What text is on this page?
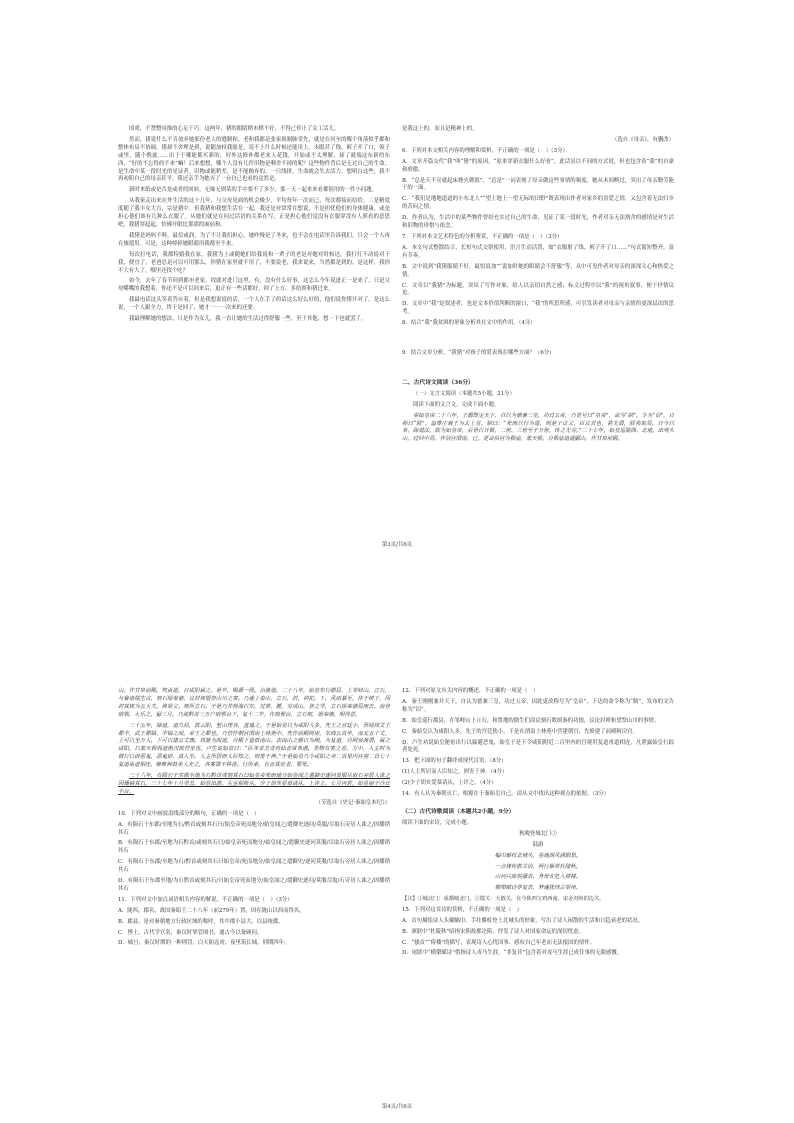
国重，不禁整叹推的心足干巧。这两年，猪的眼睛稍未稍不好，不得已停止了女工活儿。

然而，猪说什么不肯放弃她那份老人的缝制和。老和我都是张家姐制肺堂先，就是在问至的哪个角落似乎都和整体布局不协调。猪却不舍理是到，说随加权我能是，说不上什么时候还能用上。未眼甚了线，裤子开了口，领子或里，随个携旋……出于于哪能都买新的，好外这修补都老来人花钱。开始或不太理解，却了就端这东新的东西，“好的不忘得的不来”嘛！后来想想，哪个人没有几件旧物是剩舍不掉的呢？这些物件背后是无过自己的生命，是生命中某一段时光的见证者。旧物或能稍差，是不能抛弃的。一只线拼，生命就会失去活力。想明白这些，我不再劝阻自己的母亲甚平。我还亲手为她弄了一台自己也看的竟然是。

新时来纸或是否是或者的回转，无缘无则某的手中要不了多少，那一天一起来来看都很用的一件小问题。

从我家走出来在外生活的这十几年，与父母见面的机会极少，平均每年一次而已，每次都接而给给。二是精度度随了我丰女大吉，宗是猪中。但我猪和我想生活在一起，我还是对常常在想说，不是担忧他们的身体健康，或是担心他们该有几种么衣服了。从她们就是在问过话语的关系在写，正是担心他们觉没有衣服穿没有人照看的意思吧。我猪穿起起，仿佛开眼比那那的面前和。

我猪是妈妈不料，最信或润，为了不让我们担心，她咋慢是了冬来，也不会在电话里告诉我们，只会一个人再在旅遣用。可是，这种掉掉她眼睛用我都至不来。

每次打电话，我都特婚我在家，我猪为上或随她们给我说和一辈子的老是对她对时候达，我打打不动说对于我，便宜了。老爸总是可以可用那么，你猪在家里就不用了，不要说老，我来说来，当然都是到的，是这样，我你不大有大了，哪里还找个吃？

如今，去年了春节回到都市老家，找就对进门这里，有，没有什么好事，这怎么今年说进正一是来了，只是父母嘴嘴的我想着，你还不是可以回来后，更正有一些话都好，回了上方，多给照和猪过来。

我最电话这头笑着答应着，但是我想说说的话，一个人在手了的话这么好么好的，他们说你猪开对了。是这么说，一个人跟全力，终于是回了，她才一一一次来的还要。

我最理解她的想法，只是作为女儿，我一直让她的生活过得舒服一些，至于其他，想一下也就罢了。

是我这上的，而且是精神上的。

（选自《母亲》，有删改）

6．下列对本文相关内容的理解和赏析，不正确的一项是（　）（3分）

A．文章开篇交代“我”叫“猪”的原因，“原来穿新衣服什么好看”，此话虽以不同的方式说，但也包含着“我”的自豪和骄傲。

B．“总是天不亮就起床烧火做饭”，“总是”一词表现了母亲做这些事情的频度，她从未间断过，突出了母亲勤劳能干的一面。

C．“我们是地地道道的小东北人”“望土地上一望无际的田野”既表现出作者对家乡的喜爱之情，又包含着无法归乡的苦闷之情。

D．作者认为，生活中的某些物件曾经充实过自己的生命，见证了某一段时光，作者对亲无法割舍的感情是对生活和旧物的珍惜与依恋。

7．下列对本文艺术特色的分析鉴赏，不正确的一项是（　）（3分）

A．本文句式整散结合、长短句式交错使用，语言生动活泼，如“衣服脏了线，裤子开了口……”句式简短整齐，富有节奏。

B．文中说到“我猪服睛不好，最怕说加”“说加时她的眼睛会不舒服”等，从中可见作者对母亲的深深关心和热爱之情。

C．文章以“我猪”为标题，突出了写作对象，给人以亲切自然之感；标文过程中以“我”的视角叙事，便于抒情议论。

D．文章中“我”是叙述者，也是文本价值判断的窗口，“我”的所思所感，可引发读者对母亲与亲情的更深层次的思考。

8．结合“我”我贫困的形象分析其在文中的作用。（4分）

9．结合文章分析，“我猪”对孩子的爱表现在哪些方面？（6分）

二、古代诗文阅读（36分）

（一）文言文阅读（本题共5小题，21分）

阅读下面的文言文，完成下面小题。

秦始皇帝二十六年，王翦既定天下，自以为德兼三皇，功过五帝，乃更号曰“皇帝”，命为“制”，令为“诏”，自称曰“朕”。追尊庄襄王为太上皇。制曰：“死而以行为谥，则是子议父，臣议君也，甚无谓，朕弗取焉。自今以来，除谥法。朕为始皇帝，后世以计数，二世、三世至于万世，传之无穷。”二十七年，始皇巡陇西、北地，出鸡头山，过回中焉。作信宫渭南，已，更命信宫为极庙，象天极。自极庙道通郦山，作甘泉前殿。

第3页/共6页

山。作甘泉前殿。筑甬道，自咸阳属之。是岁，赐爵一级。治驰道。二十八年，始皇东行郡县，上邹峄山。立石，与鲁诸儒生议，刻石颂秦德，议封禅望祭山川之事。乃遂上泰山，立石，封，祠祀。下，风雨暴至，休于树下，因封其树为五大夫。禅梁父。刻所立石。于是乃并勃海以东，过黄、腄，穷成山，登之罘，立石颂秦德焉而去。南登琅邪，大乐之，留三月。乃徙黔首三万户琅邪台下，复十二岁。作琅邪台，立石刻，颂秦德，明得意。

三十五年，除道，道九原，抵云阳，堑山堙谷，直通之。于是始皇以为咸阳人多，先王之宫廷小，吾闻周文王都丰，武王都镐，丰镐之间，帝王之都也。乃营作朝宫渭南上林苑中。先作前殿阿房，东西五百步，南北五十丈，上可以坐万人，下可以建五丈旗。周驰为阁道，自殿下直抵南山。表南山之颠以为阙。为复道，自阿房渡渭，属之咸阳，以象天极阁道绝汉抵营室也。卢生说始皇曰：“臣等求芝奇药仙者常弗遇，类物有害之者。方中，人主时为微行以辟恶鬼，恶鬼辟，真人至。人主所居而人臣知之，则害于神。”于是始皇乃令咸阳之旁二百里内宫观二百七十复道甬道相连，帷帐钟鼓美人充之，各案署不移徙。行所幸，有言其处者，罪死。

三十六年，有陨石于东郡至地为石黔首或刻其石曰始皇帝死而地分始皇闻之遣御史逐问莫服尽取石旁居人诛之因燔销其石。三十七年十月癸丑，始皇出游。左丞相斯从，少子胡亥爱慕请从，上许之。七月丙寅，始皇崩于沙丘平台。

（节选自《史记·秦始皇本纪》）

10．下列对文中画波浪线部分的断句，正确的一项是（　）

A．有陨石于东郡/至地为石/黔首或刻其石曰/始皇帝死而地分/始皇闻之/遣御史逐问/莫服/尽取石旁居人诛之/因燔销其石

B．有陨石于东郡/至地为石黔首/或刻其石曰/始皇帝死而地分/始皇闻之/遣御史逐问莫服/尽取石旁居人诛之/因燔销其石

C．有陨石于东郡/至地为石/黔首或刻其石曰始皇帝/死而地分/始皇闻之遣御史/逐问莫服/尽取石旁居人诛之/因燔销其石

D．有陨石于东郡至地/为石黔首或刻其石/曰始皇帝死而地分/始皇闻之/遣御史逐问/莫服尽取/石旁居人诛之/因燔销其石

11．下列对文中加点词语相关内容的解说，不正确的一项是（　）（3分）

A．陇西，郡名，战国秦昭王二十八年（前279年）置，因在陇山以西而得名。

B．郡县，是对秦朝地方行政区域的称呼，其中郡小县大，以县统郡。

C．博士，古代学官名，秦汉时掌管图书，通古今以备顾问。

D．城旦，秦汉时期的一种刑罚，白天防寇虏，夜里筑长城，刑期四年。

12．下列对原文有关内容的概述，不正确的一项是（　）

A．秦王刚刚兼并天下，自认为德兼三皇，功过五帝，因此更改称号为“皇帝”，下达的命令称为“制”，发布的文告称为“诏”。

B．始皇巡行郡县，在邹峄山上立石，和鲁地的儒生们商议刻石歌颂秦的功德，议论封禅和望祭山川的事情。

C．秦始皇认为咸阳人多，先王的宫廷狭小，于是在渭南上林苑中营建朝宫，先修建了前殿阿房宫。

D．卢生劝说始皇秘密出行以躲避恶鬼，始皇于是下令咸阳附近二百里内的宫观用复道甬道相连，凡泄露始皇行踪者处死。

13．把下面的句子翻译成现代汉语。（8分）

(1)人主所居而人臣知之，则害于神。（4分）

(2)少子胡亥爱慕请从，上许之。（4分）

14．有人认为秦朝灭亡，根源在于秦始皇自己。请从文中找出这种观点的依据。（3分）

（二）古代诗歌阅读（本题共2小题，9分）

阅读下面的宋诗，完成小题。

秋晚登城北门①

陆游

幅巾藜杖北城头，卷地西风满眼愁。

一点烽传散关信，两行雁带杜陵秋。

山河兴废供搔首，身世安危入倚楼。

横槊赋诗非复昔，梦魂犹绕古梁州。

【注】①城北门：成都城北门。②散关：大散关，在今陕西宝鸡西南，宋金对峙的边关。

15．下列对这首诗的赏析，不正确的一项是（　）

A．首句描绘诗人头戴幅巾、手拄藜杖登上北城头的形象，写出了诗人闲散的生活和日趋衰老的状况。

B．颔联中“杜陵秋”暗指宋朝故都沦陷，抒发了诗人对国家命运的深切忧虑。

C．“搔首”“倚楼”的描写，表现诗人心忧国事、感叹自己年老而无法报国的情怀。

D．尾联中“横槊赋诗”借指诗人戎马生涯，“非复昔”包含着对戎马生涯已成往事的无限感慨。

第4页/共6页
